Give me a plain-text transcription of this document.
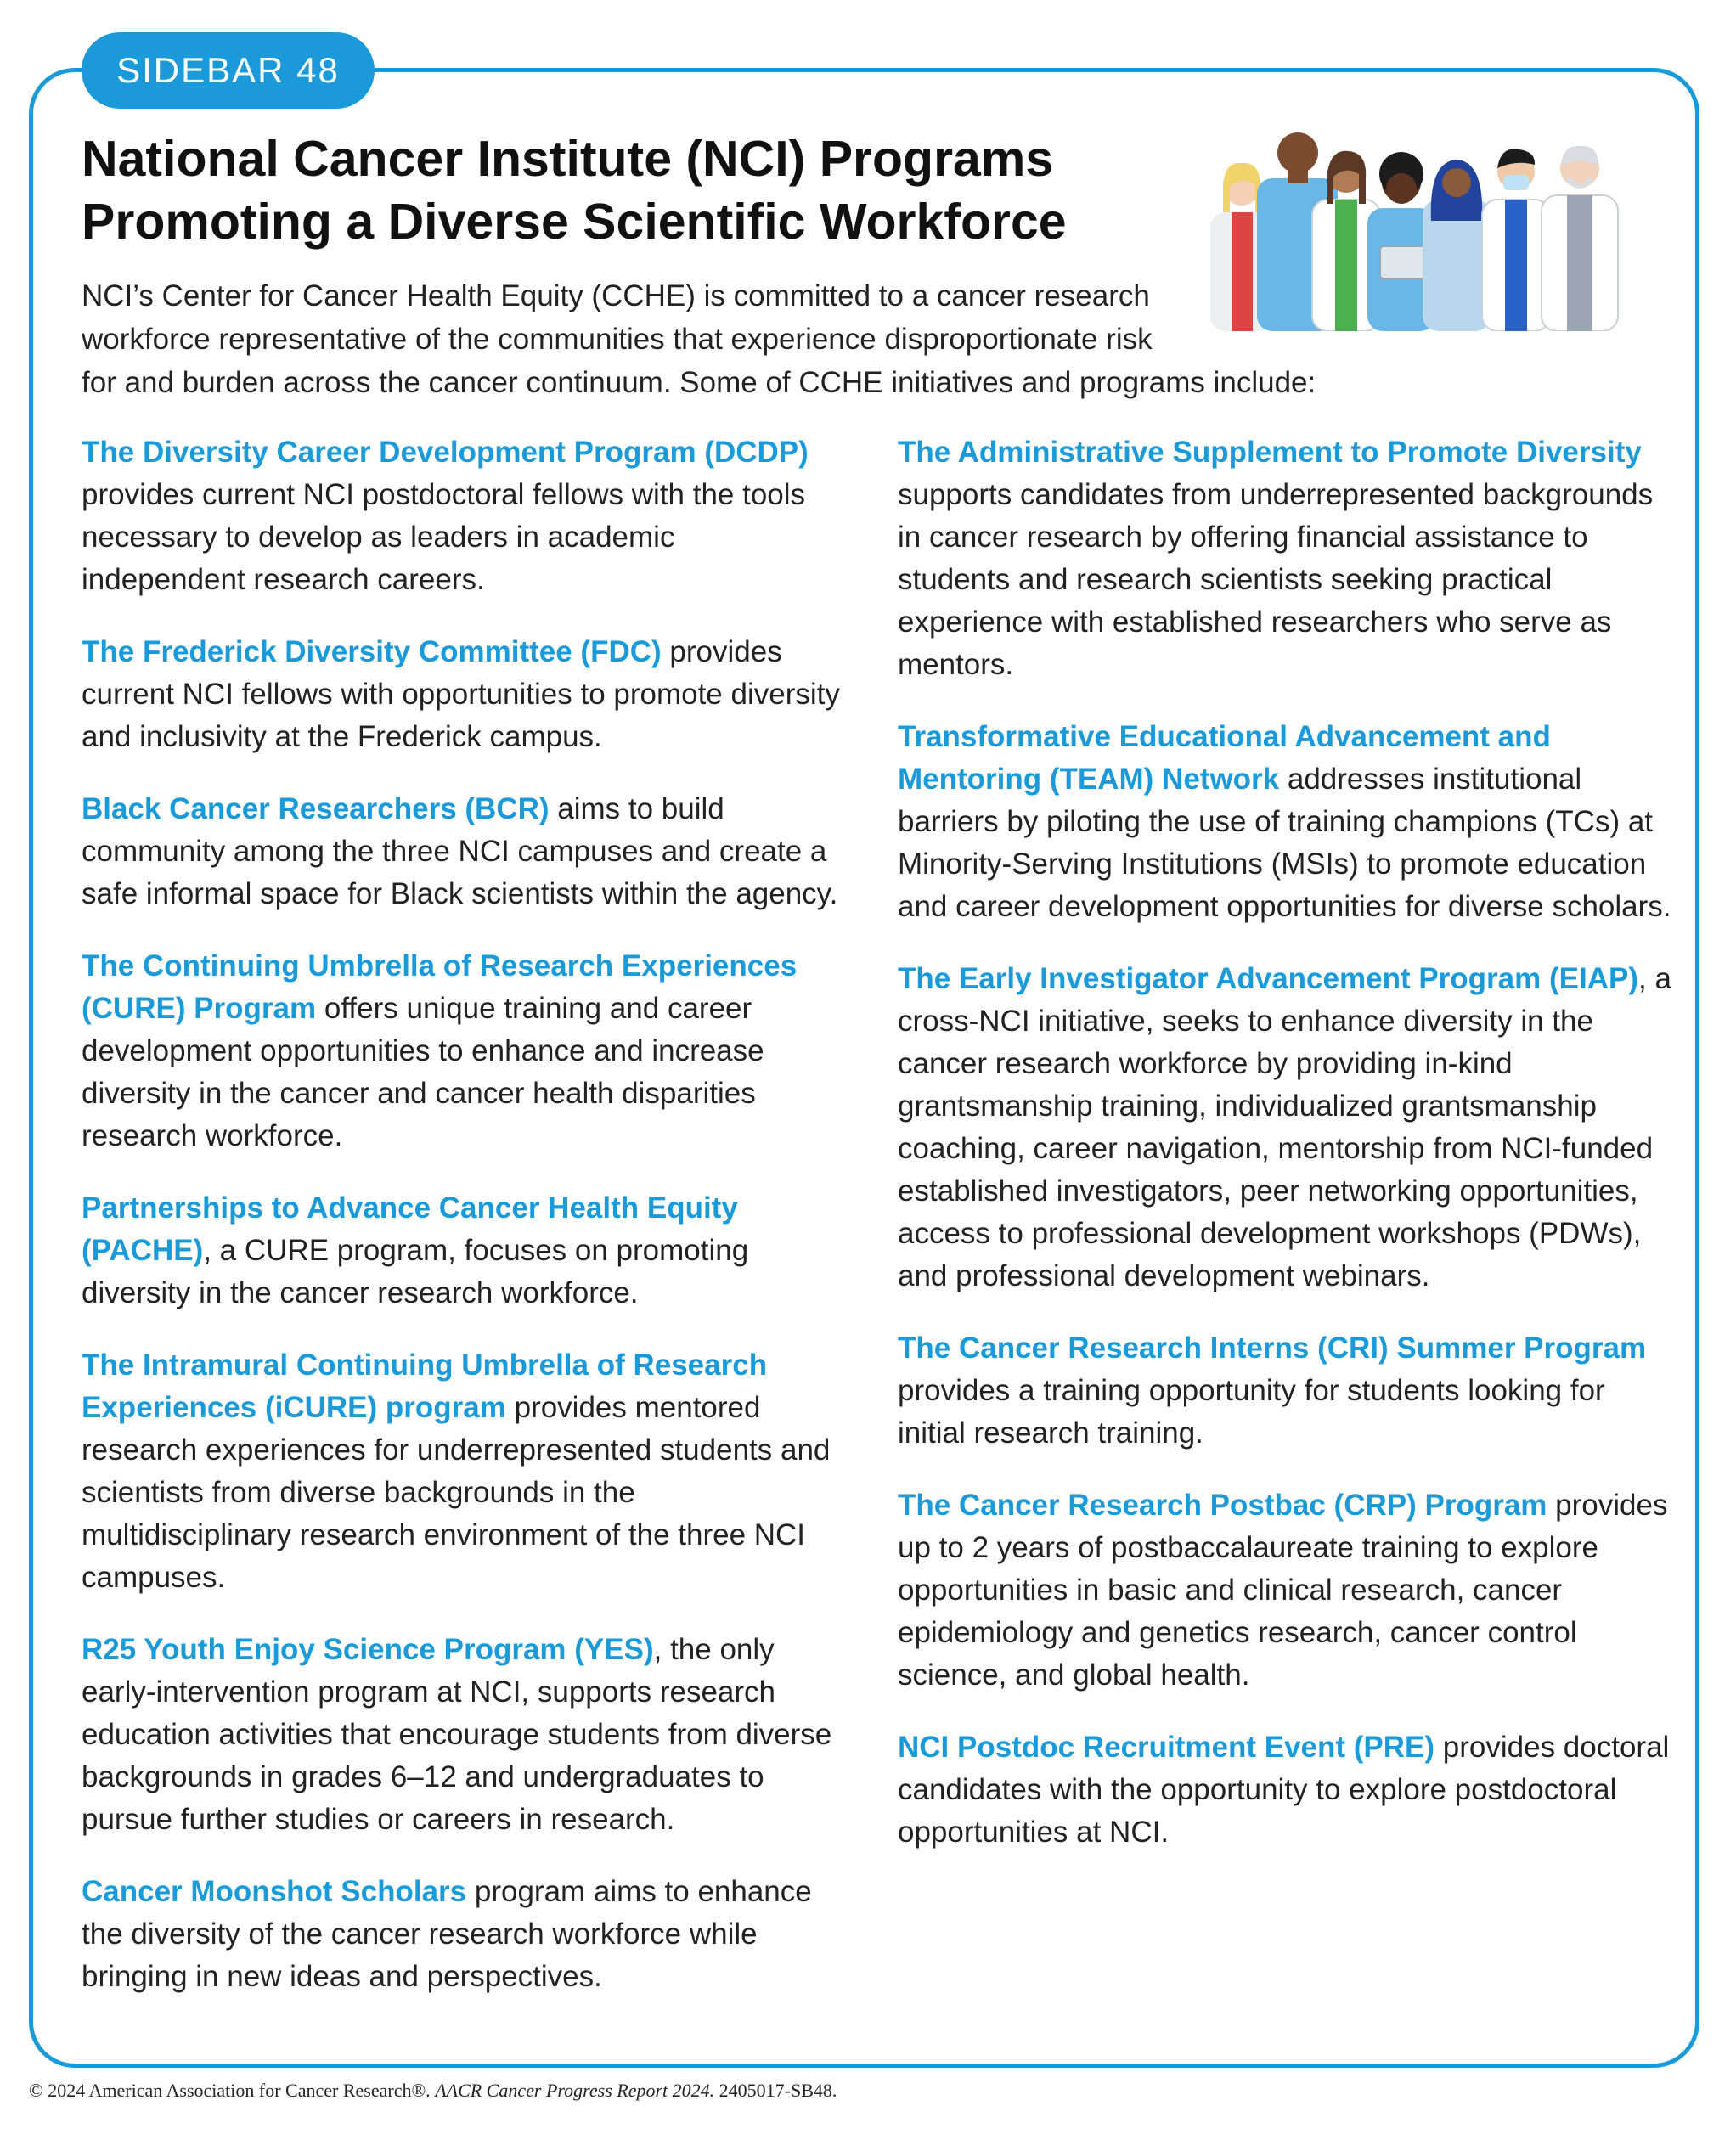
SIDEBAR 48
National Cancer Institute (NCI) Programs
Promoting a Diverse Scientific Workforce
NCI’s Center for Cancer Health Equity (CCHE) is committed to a cancer research
workforce representative of the communities that experience disproportionate risk
for and burden across the cancer continuum. Some of CCHE initiatives and programs include:

The Diversity Career Development Program (DCDP) provides current NCI postdoctoral fellows with the tools necessary to develop as leaders in academic independent research careers.

The Frederick Diversity Committee (FDC) provides current NCI fellows with opportunities to promote diversity and inclusivity at the Frederick campus.

Black Cancer Researchers (BCR) aims to build community among the three NCI campuses and create a safe informal space for Black scientists within the agency.

The Continuing Umbrella of Research Experiences (CURE) Program offers unique training and career development opportunities to enhance and increase diversity in the cancer and cancer health disparities research workforce.

Partnerships to Advance Cancer Health Equity (PACHE), a CURE program, focuses on promoting diversity in the cancer research workforce.

The Intramural Continuing Umbrella of Research Experiences (iCURE) program provides mentored research experiences for underrepresented students and scientists from diverse backgrounds in the multidisciplinary research environment of the three NCI campuses.

R25 Youth Enjoy Science Program (YES), the only early-intervention program at NCI, supports research education activities that encourage students from diverse backgrounds in grades 6–12 and undergraduates to pursue further studies or careers in research.

Cancer Moonshot Scholars program aims to enhance the diversity of the cancer research workforce while bringing in new ideas and perspectives.

The Administrative Supplement to Promote Diversity supports candidates from underrepresented backgrounds in cancer research by offering financial assistance to students and research scientists seeking practical experience with established researchers who serve as mentors.

Transformative Educational Advancement and Mentoring (TEAM) Network addresses institutional barriers by piloting the use of training champions (TCs) at Minority-Serving Institutions (MSIs) to promote education and career development opportunities for diverse scholars.

The Early Investigator Advancement Program (EIAP), a cross-NCI initiative, seeks to enhance diversity in the cancer research workforce by providing in-kind grantsmanship training, individualized grantsmanship coaching, career navigation, mentorship from NCI-funded established investigators, peer networking opportunities, access to professional development workshops (PDWs), and professional development webinars.

The Cancer Research Interns (CRI) Summer Program provides a training opportunity for students looking for initial research training.

The Cancer Research Postbac (CRP) Program provides up to 2 years of postbaccalaureate training to explore opportunities in basic and clinical research, cancer epidemiology and genetics research, cancer control science, and global health.

NCI Postdoc Recruitment Event (PRE) provides doctoral candidates with the opportunity to explore postdoctoral opportunities at NCI.

© 2024 American Association for Cancer Research®. AACR Cancer Progress Report 2024. 2405017-SB48.
